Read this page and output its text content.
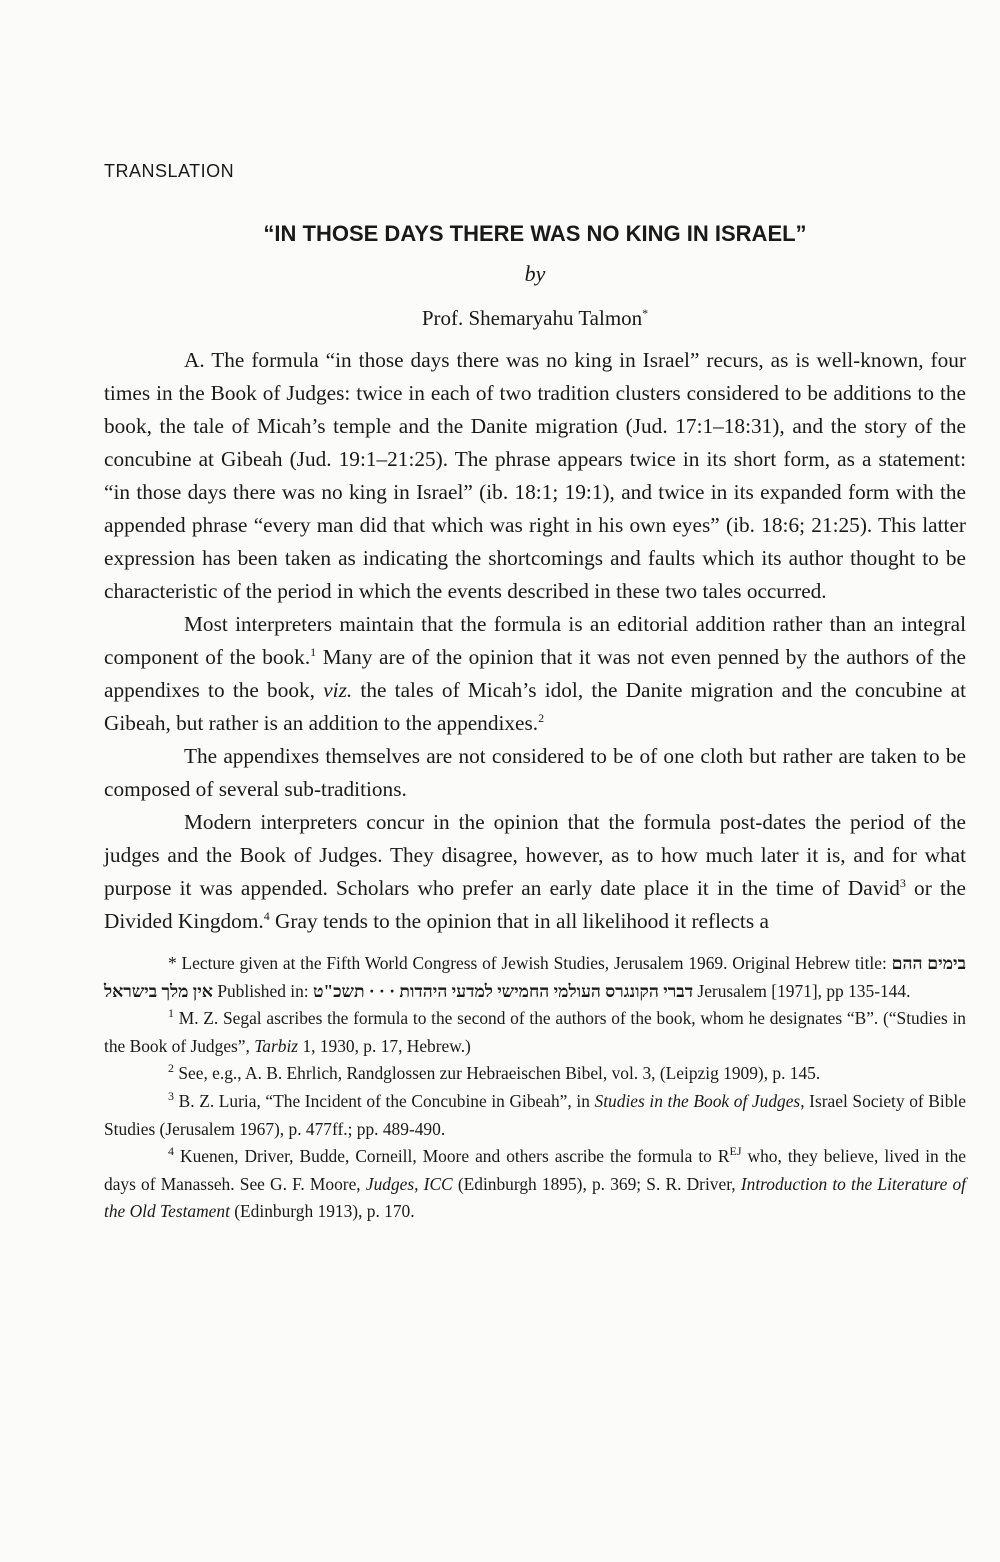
TRANSLATION
“IN THOSE DAYS THERE WAS NO KING IN ISRAEL”
by
Prof. Shemaryahu Talmon*

A. The formula “in those days there was no king in Israel” recurs, as is well-known, four times in the Book of Judges: twice in each of two tradition clusters considered to be additions to the book, the tale of Micah’s temple and the Danite migration (Jud. 17:1–18:31), and the story of the concubine at Gibeah (Jud. 19:1–21:25). The phrase appears twice in its short form, as a statement: “in those days there was no king in Israel” (ib. 18:1; 19:1), and twice in its expanded form with the appended phrase “every man did that which was right in his own eyes” (ib. 18:6; 21:25). This latter expression has been taken as indicating the shortcomings and faults which its author thought to be characteristic of the period in which the events described in these two tales occurred.

Most interpreters maintain that the formula is an editorial addition rather than an integral component of the book.$^1$ Many are of the opinion that it was not even penned by the authors of the appendixes to the book, viz. the tales of Micah’s idol, the Danite migration and the concubine at Gibeah, but rather is an addition to the appendixes.$^2$

The appendixes themselves are not considered to be of one cloth but rather are taken to be composed of several sub-traditions.

Modern interpreters concur in the opinion that the formula post-dates the period of the judges and the Book of Judges. They disagree, however, as to how much later it is, and for what purpose it was appended. Scholars who prefer an early date place it in the time of David$^3$ or the Divided Kingdom.$^4$ Gray tends to the opinion that in all likelihood it reflects a

* Lecture given at the Fifth World Congress of Jewish Studies, Jerusalem 1969. Original Hebrew title: בימים ההם אין מלך בישראל Published in: דברי הקונגרס העולמי החמישי למדעי היהדות · · · תשכ"ט Jerusalem [1971], pp 135-144.

$^1$ M. Z. Segal ascribes the formula to the second of the authors of the book, whom he designates “B”. (“Studies in the Book of Judges”, Tarbiz 1, 1930, p. 17, Hebrew.)

$^2$ See, e.g., A. B. Ehrlich, Randglossen zur Hebraeischen Bibel, vol. 3, (Leipzig 1909), p. 145.

$^3$ B. Z. Luria, “The Incident of the Concubine in Gibeah”, in Studies in the Book of Judges, Israel Society of Bible Studies (Jerusalem 1967), p. 477ff.; pp. 489-490.

$^4$ Kuenen, Driver, Budde, Corneill, Moore and others ascribe the formula to $R^{EJ}$ who, they believe, lived in the days of Manasseh. See G. F. Moore, Judges, ICC (Edinburgh 1895), p. 369; S. R. Driver, Introduction to the Literature of the Old Testament (Edinburgh 1913), p. 170.
